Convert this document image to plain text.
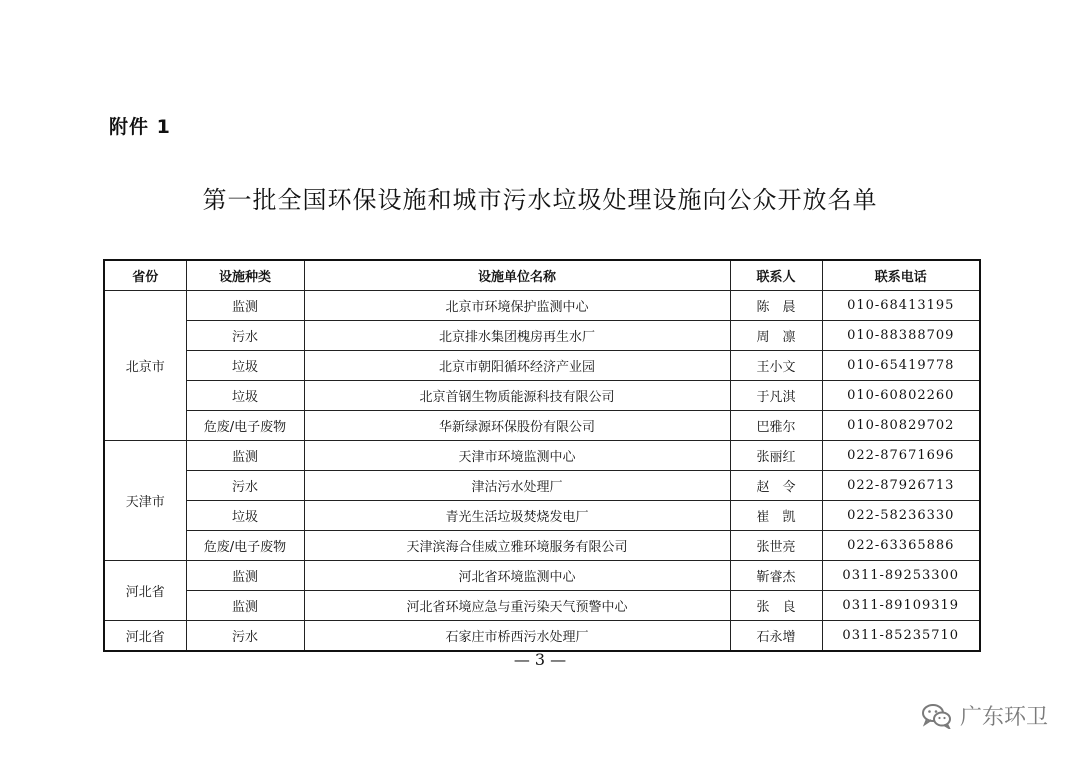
附件 1
第一批全国环保设施和城市污水垃圾处理设施向公众开放名单
省份	设施种类	设施单位名称	联系人	联系电话
北京市	监测	北京市环境保护监测中心	陈　晨	010-68413195
	污水	北京排水集团槐房再生水厂	周　凛	010-88388709
	垃圾	北京市朝阳循环经济产业园	王小文	010-65419778
	垃圾	北京首钢生物质能源科技有限公司	于凡淇	010-60802260
	危废/电子废物	华新绿源环保股份有限公司	巴雅尔	010-80829702
天津市	监测	天津市环境监测中心	张丽红	022-87671696
	污水	津沽污水处理厂	赵　令	022-87926713
	垃圾	青光生活垃圾焚烧发电厂	崔　凯	022-58236330
	危废/电子废物	天津滨海合佳威立雅环境服务有限公司	张世亮	022-63365886
河北省	监测	河北省环境监测中心	靳睿杰	0311-89253300
	监测	河北省环境应急与重污染天气预警中心	张　良	0311-89109319
河北省	污水	石家庄市桥西污水处理厂	石永增	0311-85235710
— 3 —
广东环卫
